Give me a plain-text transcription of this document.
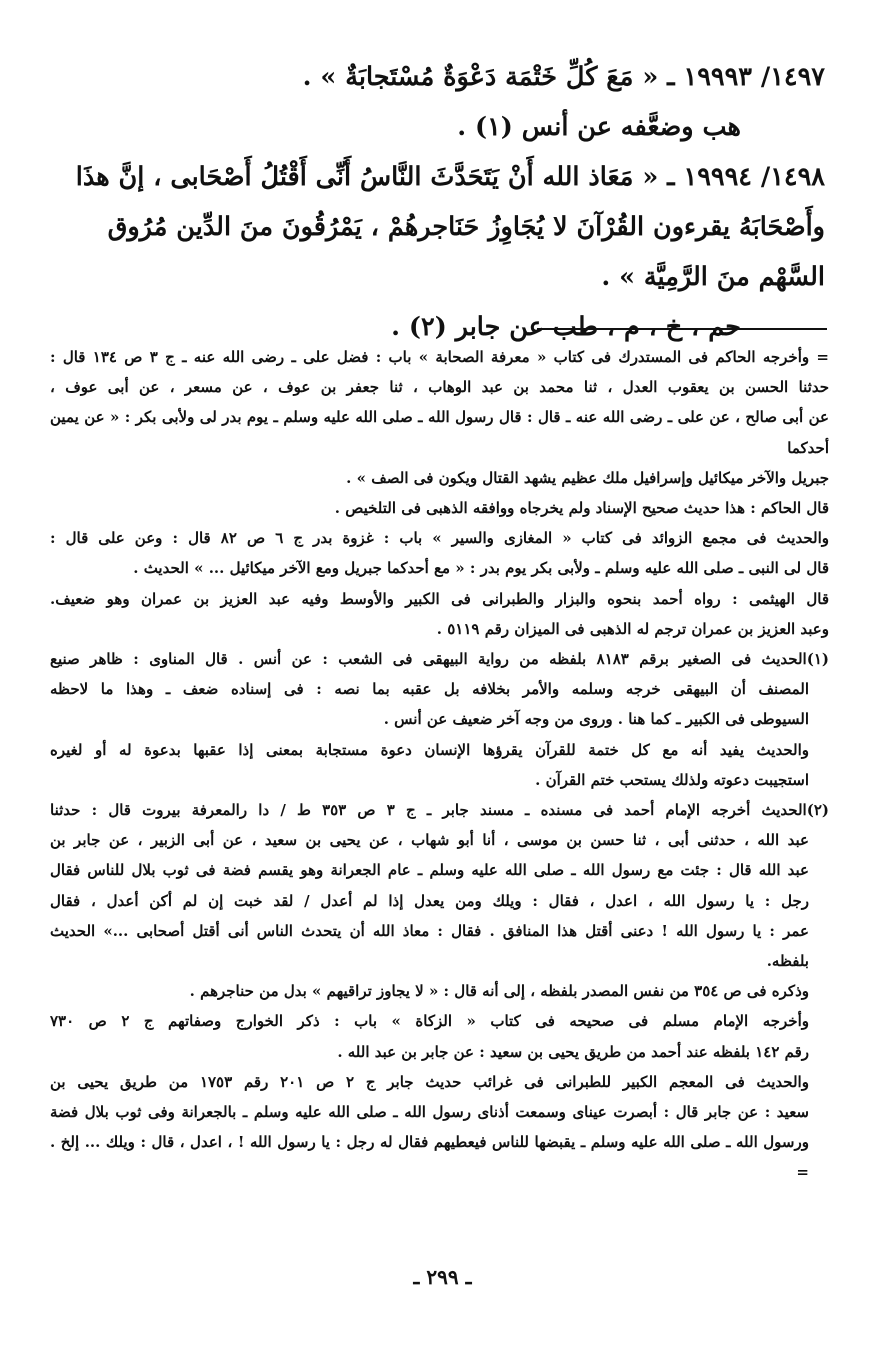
١٤٩٧/ ١٩٩٩٣ ـ « مَعَ كُلِّ خَتْمَة دَعْوَةٌ مُسْتَجابَةٌ » .

هب وضعَّفه عن أنس (١) .

١٤٩٨/ ١٩٩٩٤ ـ « مَعَاذ الله أَنْ يَتَحَدَّثَ النَّاسُ أَنِّى أَقْتُلُ أَصْحَابى ، إنَّ هذَا

وأَصْحَابَهُ يقرءون القُرْآنَ لا يُجَاوِزُ حَنَاجرهُمْ ، يَمْرُقُونَ منَ الدِّين مُرُوق السَّهْم منَ الرَّمِيَّة » .

حم ، خ ، م ، طب عن جابر (٢) .

= وأخرجه الحاكم فى المستدرك فى كتاب « معرفة الصحابة » باب : فضل على ـ رضى الله عنه ـ ج ٣ ص ١٣٤ قال :

حدثنا الحسن بن يعقوب العدل ، ثنا محمد بن عبد الوهاب ، ثنا جعفر بن عوف ، عن مسعر ، عن أبى عوف ،

عن أبى صالح ، عن على ـ رضى الله عنه ـ قال : قال رسول الله ـ صلى الله عليه وسلم ـ يوم بدر لى ولأبى بكر : « عن يمين أحدكما

جبريل والآخر ميكائيل وإسرافيل ملك عظيم يشهد القتال ويكون فى الصف » .

قال الحاكم : هذا حديث صحيح الإسناد ولم يخرجاه ووافقه الذهبى فى التلخيص .

والحديث فى مجمع الزوائد فى كتاب « المغازى والسير » باب : غزوة بدر ج ٦ ص ٨٢ قال : وعن على قال :

قال لى النبى ـ صلى الله عليه وسلم ـ ولأبى بكر يوم بدر : « مع أحدكما جبريل ومع الآخر ميكائيل ... » الحديث .

قال الهيثمى : رواه أحمد بنحوه والبزار والطبرانى فى الكبير والأوسط وفيه عبد العزيز بن عمران وهو ضعيف.

وعبد العزيز بن عمران ترجم له الذهبى فى الميزان رقم ٥١١٩ .

(١)الحديث فى الصغير برقم ٨١٨٣ بلفظه من رواية البيهقى فى الشعب : عن أنس . قال المناوى : ظاهر صنيع

المصنف أن البيهقى خرجه وسلمه والأمر بخلافه بل عقبه بما نصه : فى إسناده ضعف ـ وهذا ما لاحظه

السيوطى فى الكبير ـ كما هنا . وروى من وجه آخر ضعيف عن أنس .

والحديث يفيد أنه مع كل ختمة للقرآن يقرؤها الإنسان دعوة مستجابة بمعنى إذا عقبها بدعوة له أو لغيره

استجيبت دعوته ولذلك يستحب ختم القرآن .

(٢)الحديث أخرجه الإمام أحمد فى مسنده ـ مسند جابر ـ ج ٣ ص ٣٥٣ ط / دا رالمعرفة بيروت قال : حدثنا

عبد الله ، حدثنى أبى ، ثنا حسن بن موسى ، أنا أبو شهاب ، عن يحيى بن سعيد ، عن أبى الزبير ، عن جابر بن

عبد الله قال : جئت مع رسول الله ـ صلى الله عليه وسلم ـ عام الجعرانة وهو يقسم فضة فى ثوب بلال للناس فقال

رجل : يا رسول الله ، اعدل ، فقال : ويلك ومن يعدل إذا لم أعدل / لقد خبت إن لم أكن أعدل ، فقال

عمر : يا رسول الله ! دعنى أقتل هذا المنافق . فقال : معاذ الله أن يتحدث الناس أنى أقتل أصحابى ...» الحديث

بلفظه.

وذكره فى ص ٣٥٤ من نفس المصدر بلفظه ، إلى أنه قال : « لا يجاوز تراقيهم » بدل من حناجرهم .

وأخرجه الإمام مسلم فى صحيحه فى كتاب « الزكاة » باب : ذكر الخوارج وصفاتهم ج ٢ ص ٧٣٠

رقم ١٤٢ بلفظه عند أحمد من طريق يحيى بن سعيد : عن جابر بن عبد الله .

والحديث فى المعجم الكبير للطبرانى فى غرائب حديث جابر ج ٢ ص ٢٠١ رقم ١٧٥٣ من طريق يحيى بن

سعيد : عن جابر قال : أبصرت عيناى وسمعت أذناى رسول الله ـ صلى الله عليه وسلم ـ بالجعرانة وفى ثوب بلال فضة

ورسول الله ـ صلى الله عليه وسلم ـ يقبضها للناس فيعطيهم فقال له رجل : يا رسول الله ! ، اعدل ، قال : ويلك ... إلخ . =

ـ ٢٩٩ ـ
